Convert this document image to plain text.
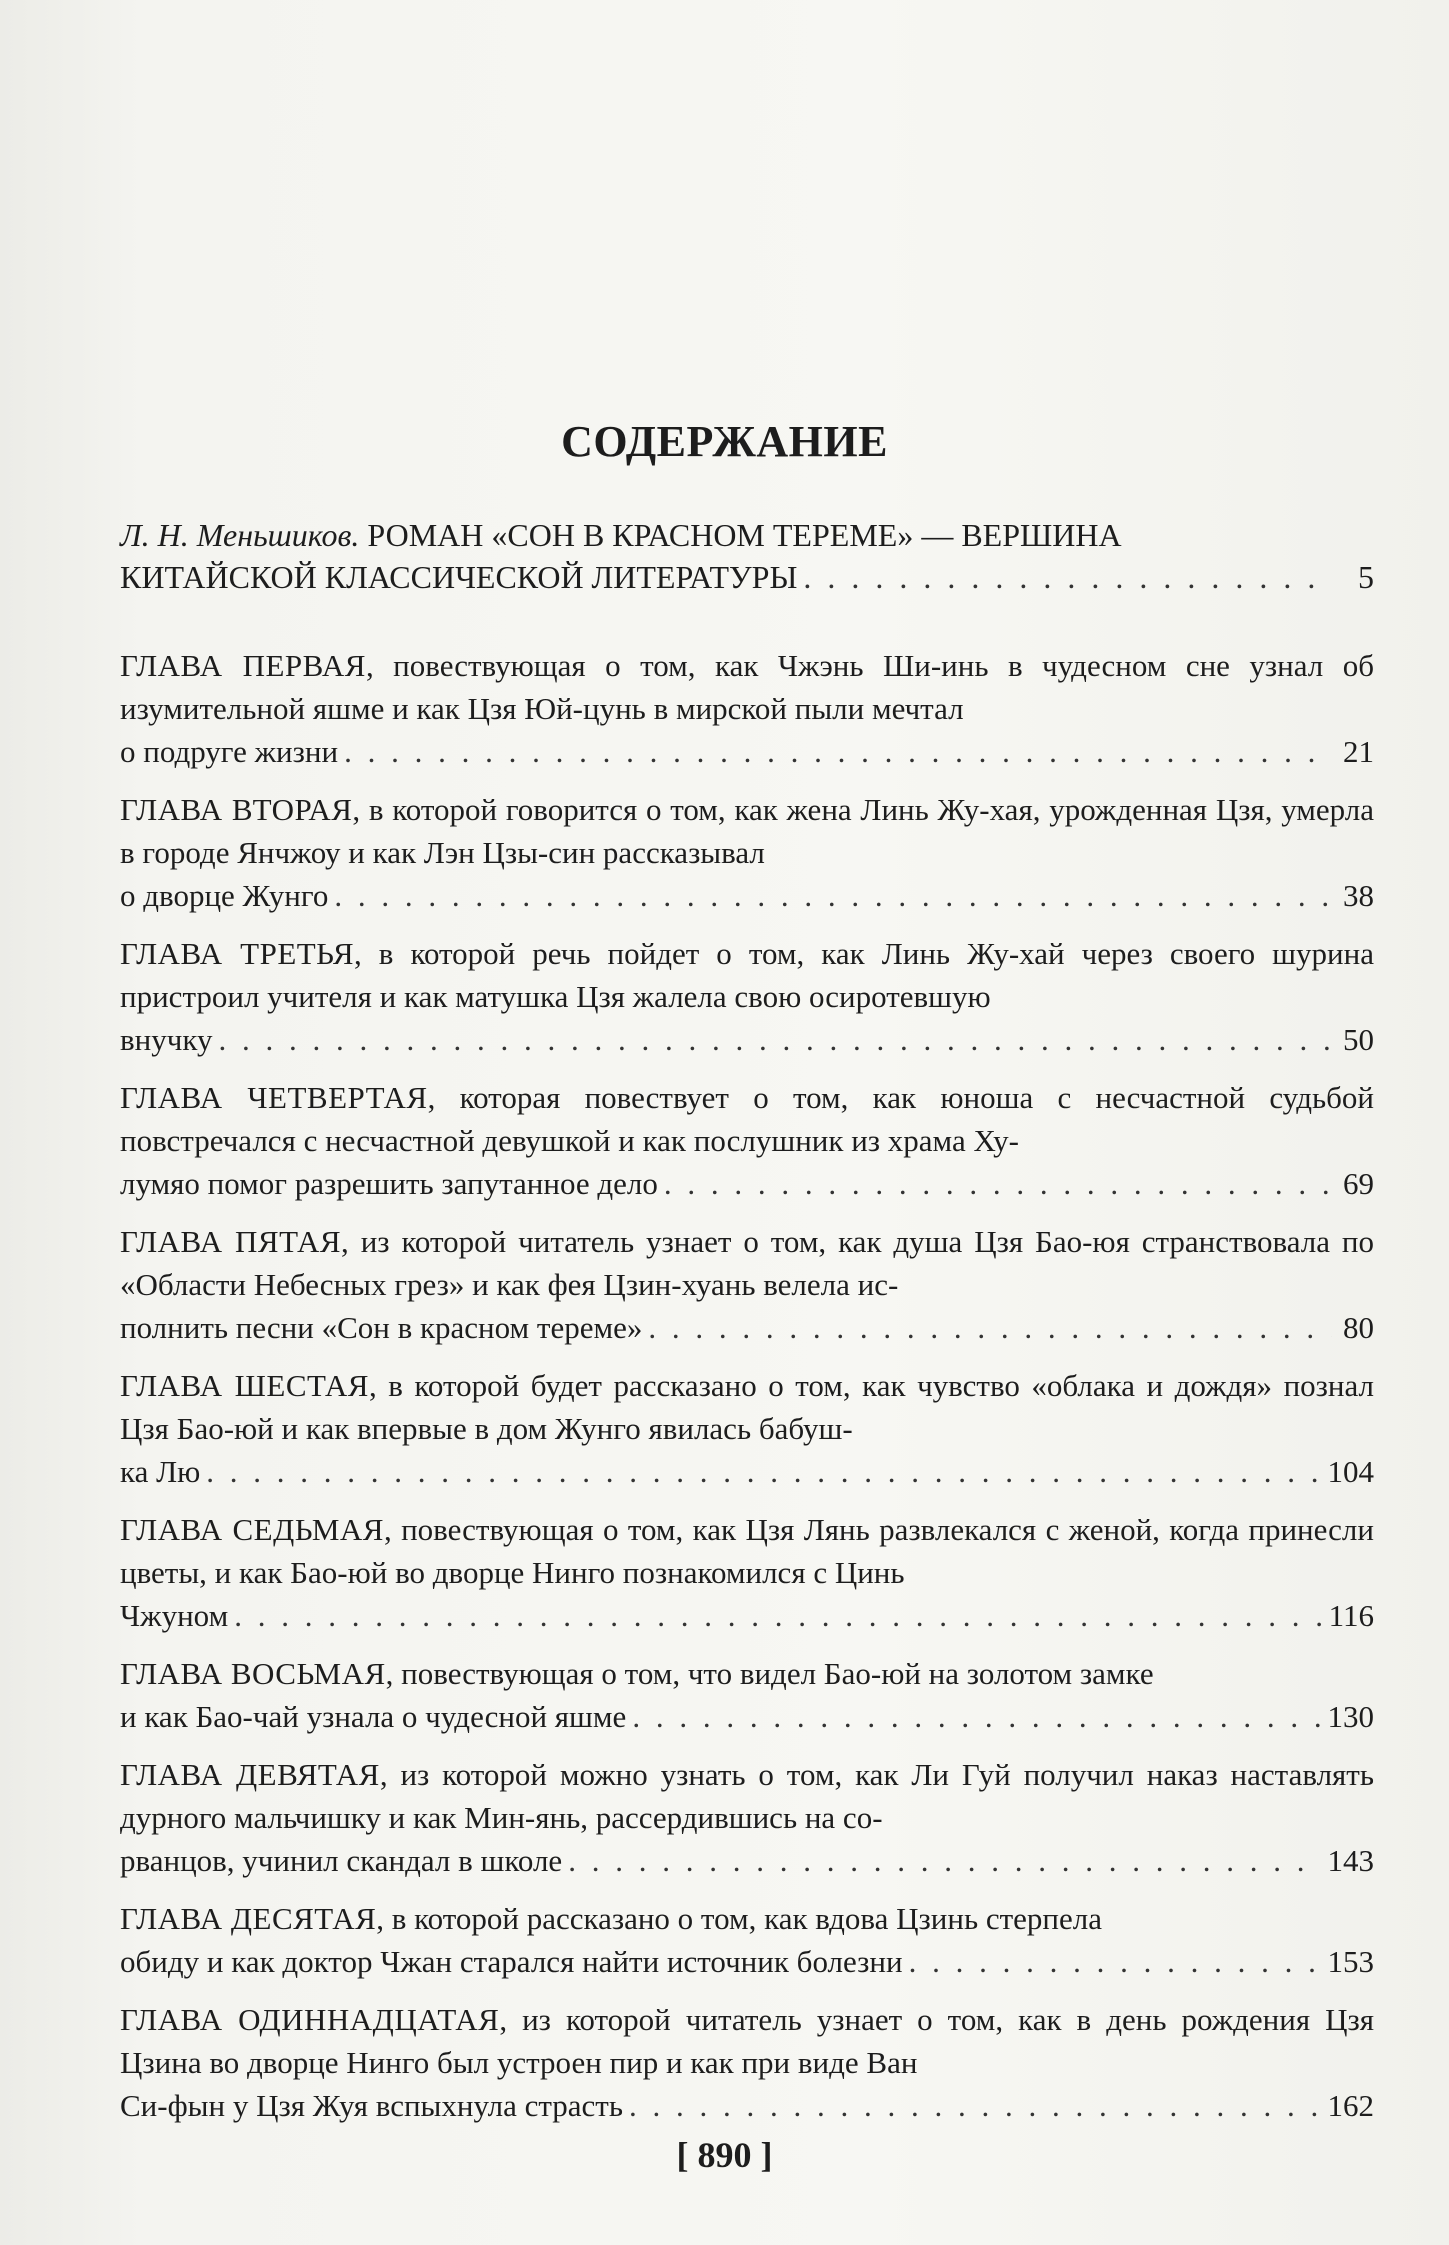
СОДЕРЖАНИЕ
Л. Н. Меньшиков. РОМАН «СОН В КРАСНОМ ТЕРЕМЕ» — ВЕРШИНА
КИТАЙСКОЙ КЛАССИЧЕСКОЙ ЛИТЕРАТУРЫ . . .	5
ГЛАВА ПЕРВАЯ, повествующая о том, как Чжэнь Ши-инь в чудесном сне узнал об изумительной яшме и как Цзя Юй-цунь в мирской пыли мечтал
о подруге жизни . . .	21
ГЛАВА ВТОРАЯ, в которой говорится о том, как жена Линь Жу-хая, урожденная Цзя, умерла в городе Янчжоу и как Лэн Цзы-син рассказывал
о дворце Жунго . . .	38
ГЛАВА ТРЕТЬЯ, в которой речь пойдет о том, как Линь Жу-хай через своего шурина пристроил учителя и как матушка Цзя жалела свою осиротевшую
внучку . . .	50
ГЛАВА ЧЕТВЕРТАЯ, которая повествует о том, как юноша с несчастной судьбой повстречался с несчастной девушкой и как послушник из храма Ху-
лумяо помог разрешить запутанное дело . . .	69
ГЛАВА ПЯТАЯ, из которой читатель узнает о том, как душа Цзя Бао-юя странствовала по «Области Небесных грез» и как фея Цзин-хуань велела ис-
полнить песни «Сон в красном тереме» . . .	80
ГЛАВА ШЕСТАЯ, в которой будет рассказано о том, как чувство «облака и дождя» познал Цзя Бао-юй и как впервые в дом Жунго явилась бабуш-
ка Лю . . .	104
ГЛАВА СЕДЬМАЯ, повествующая о том, как Цзя Лянь развлекался с женой, когда принесли цветы, и как Бао-юй во дворце Нинго познакомился с Цинь
Чжуном . . .	116
ГЛАВА ВОСЬМАЯ, повествующая о том, что видел Бао-юй на золотом замке
и как Бао-чай узнала о чудесной яшме . . .	130
ГЛАВА ДЕВЯТАЯ, из которой можно узнать о том, как Ли Гуй получил наказ наставлять дурного мальчишку и как Мин-янь, рассердившись на со-
рванцов, учинил скандал в школе . . .	143
ГЛАВА ДЕСЯТАЯ, в которой рассказано о том, как вдова Цзинь стерпела
обиду и как доктор Чжан старался найти источник болезни . . .	153
ГЛАВА ОДИННАДЦАТАЯ, из которой читатель узнает о том, как в день рождения Цзя Цзина во дворце Нинго был устроен пир и как при виде Ван
Си-фын у Цзя Жуя вспыхнула страсть . . .	162
[ 890 ]
